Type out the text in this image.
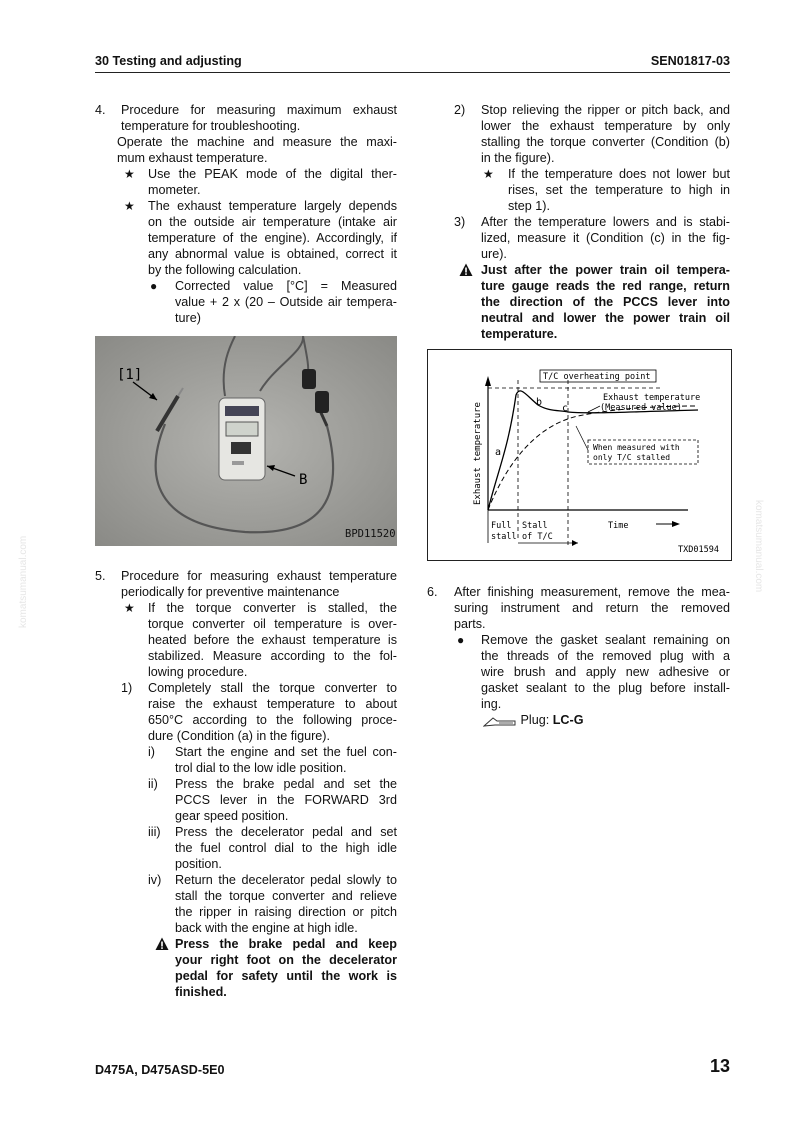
30 Testing and adjusting	SEN01817-03
komatsumanual.com	komatsumanual.com
4. Procedure for measuring maximum exhaust
temperature for troubleshooting.
Operate the machine and measure the maxi-
mum exhaust temperature.
★ Use the PEAK mode of the digital ther-
mometer.
★ The exhaust temperature largely depends
on the outside air temperature (intake air
temperature of the engine). Accordingly, if
any abnormal value is obtained, correct it
by the following calculation.
● Corrected value [°C] = Measured
value + 2 x (20 – Outside air tempera-
ture)
[1]
B
BPD11520
5. Procedure for measuring exhaust temperature
periodically for preventive maintenance
★ If the torque converter is stalled, the
torque converter oil temperature is over-
heated before the exhaust temperature is
stabilized. Measure according to the fol-
lowing procedure.
1) Completely stall the torque converter to
raise the exhaust temperature to about
650°C according to the following proce-
dure (Condition (a) in the figure).
i) Start the engine and set the fuel con-
trol dial to the low idle position.
ii) Press the brake pedal and set the
PCCS lever in the FORWARD 3rd
gear speed position.
iii) Press the decelerator pedal and set
the fuel control dial to the high idle
position.
iv) Return the decelerator pedal slowly to
stall the torque converter and relieve
the ripper in raising direction or pitch
back with the engine at high idle.
Press the brake pedal and keep
your right foot on the decelerator
pedal for safety until the work is
finished.
2) Stop relieving the ripper or pitch back, and
lower the exhaust temperature by only
stalling the torque converter (Condition (b)
in the figure).
★ If the temperature does not lower but
rises, set the temperature to high in
step 1).
3) After the temperature lowers and is stabi-
lized, measure it (Condition (c) in the fig-
ure).
Just after the power train oil tempera-
ture gauge reads the red range, return
the direction of the PCCS lever into
neutral and lower the power train oil
temperature.
Exhaust temperature
T/C overheating point
a
b
c
Exhaust temperature
(Measured value)
When measured with
only T/C stalled
Full
stall
Stall
of T/C
Time
TXD01594
6. After finishing measurement, remove the mea-
suring instrument and return the removed
parts.
● Remove the gasket sealant remaining on
the threads of the removed plug with a
wire brush and apply new adhesive or
gasket sealant to the plug before install-
ing.
Plug: LC-G
D475A, D475ASD-5E0	13
